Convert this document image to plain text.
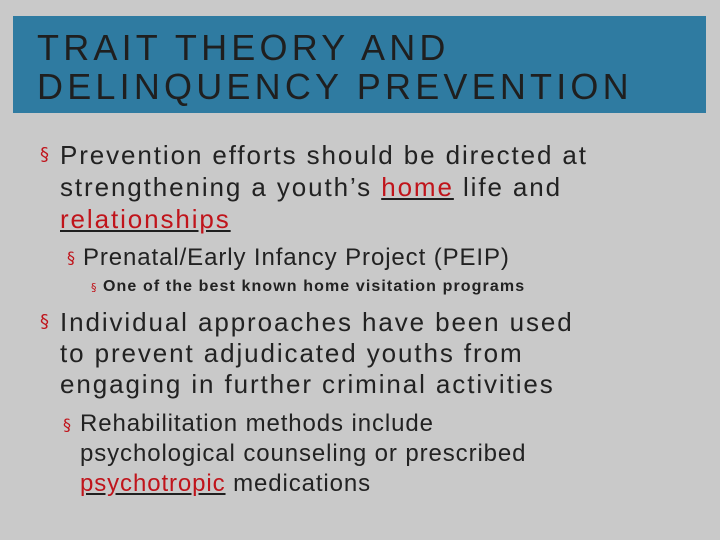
TRAIT THEORY AND
DELINQUENCY PREVENTION
§ Prevention efforts should be directed at
strengthening a youth’s home life and
relationships
§ Prenatal/Early Infancy Project (PEIP)
§ One of the best known home visitation programs
§ Individual approaches have been used
to prevent adjudicated youths from
engaging in further criminal activities
§ Rehabilitation methods include
psychological counseling or prescribed
psychotropic medications
